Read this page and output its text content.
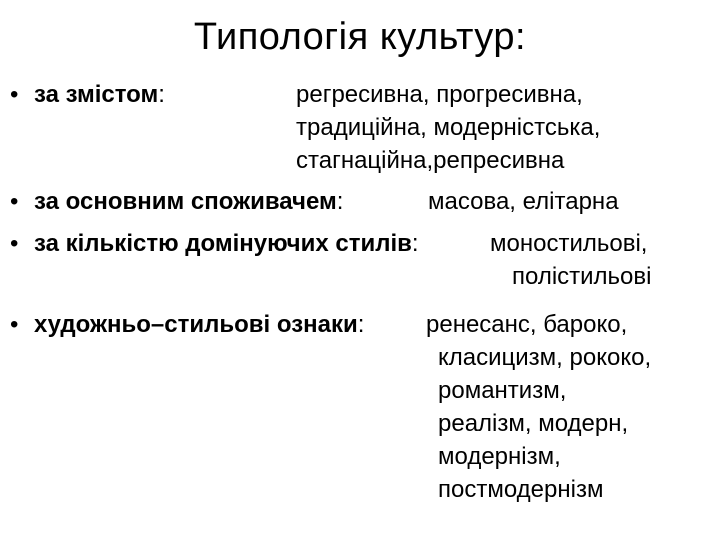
Типологія культур:
• за змістом:	регресивна, прогресивна,
традиційна, модерністська,
стагнаційна,репресивна
• за основним споживачем:	масова, елітарна
• за кількістю домінуючих стилів:	моностильові,
полістильові
• художньо–стильові ознаки:	ренесанс, бароко,
класицизм, рококо,
романтизм,
реалізм, модерн,
модернізм,
постмодернізм
